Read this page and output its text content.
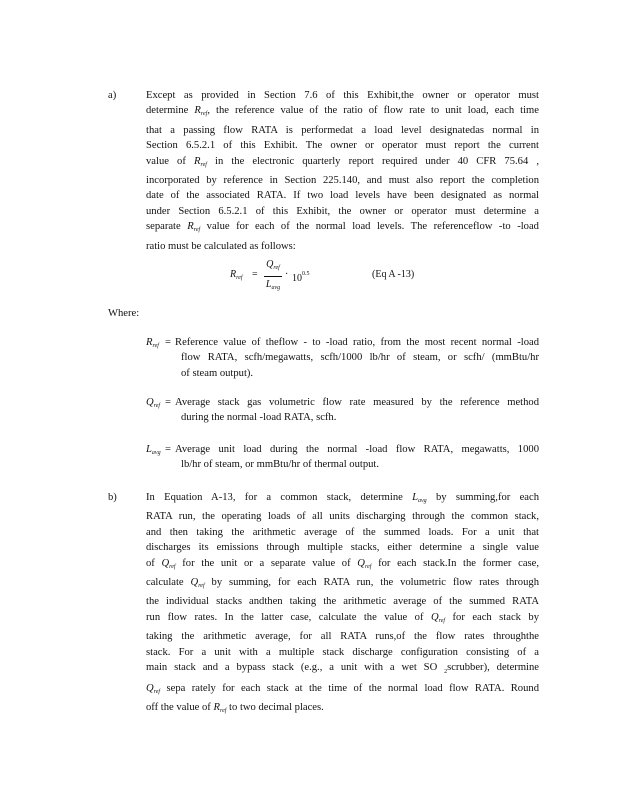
a)	Except as provided in Section 7.6 of this Exhibit,the owner or operator must
determine $R_{ref}$, the reference value of the ratio of flow rate to unit load, each time
that a passing flow RATA is performedat a load level designatedas normal in
Section 6.5.2.1 of this Exhibit. The owner or operator must report the current
value of $R_{ref}$ in the electronic quarterly report required under 40 CFR 75.64 ,
incorporated by reference in Section 225.140, and must also report the completion
date of the associated RATA. If two load levels have been designated as normal
under Section 6.5.2.1 of this Exhibit, the owner or operator must determine a
separate $R_{ref}$ value for each of the normal load levels. The referenceflow -to -load
ratio must be calculated as follows:
$R_{ref}$ =
$Q_{ref}$
$L_{avg}$
· $10^{0.5}$	(Eq A -13)
Where:
$R_{ref}$ = Reference value of theflow - to -load ratio, from the most recent normal -load
flow RATA, scfh/megawatts, scfh/1000 lb/hr of steam, or scfh/ (mmBtu/hr
of steam output).
$Q_{ref}$ = Average stack gas volumetric flow rate measured by the reference method
during the normal -load RATA, scfh.
$L_{avg}$ = Average unit load during the normal -load flow RATA, megawatts, 1000
lb/hr of steam, or mmBtu/hr of thermal output.
b)	In Equation A-13, for a common stack, determine $L_{avg}$ by summing,for each
RATA run, the operating loads of all units discharging through the common stack,
and then taking the arithmetic average of the summed loads. For a unit that
discharges its emissions through multiple stacks, either determine a single value
of $Q_{ref}$ for the unit or a separate value of $Q_{ref}$ for each stack.In the former case,
calculate $Q_{ref}$ by summing, for each RATA run, the volumetric flow rates through
the individual stacks andthen taking the arithmetic average of the summed RATA
run flow rates. In the latter case, calculate the value of $Q_{ref}$ for each stack by
taking the arithmetic average, for all RATA runs,of the flow rates throughthe
stack. For a unit with a multiple stack discharge configuration consisting of a
main stack and a bypass stack (e.g., a unit with a wet SO $_2$scrubber), determine
$Q_{ref}$ sepa rately for each stack at the time of the normal load flow RATA. Round
off the value of $R_{ref}$ to two decimal places.
